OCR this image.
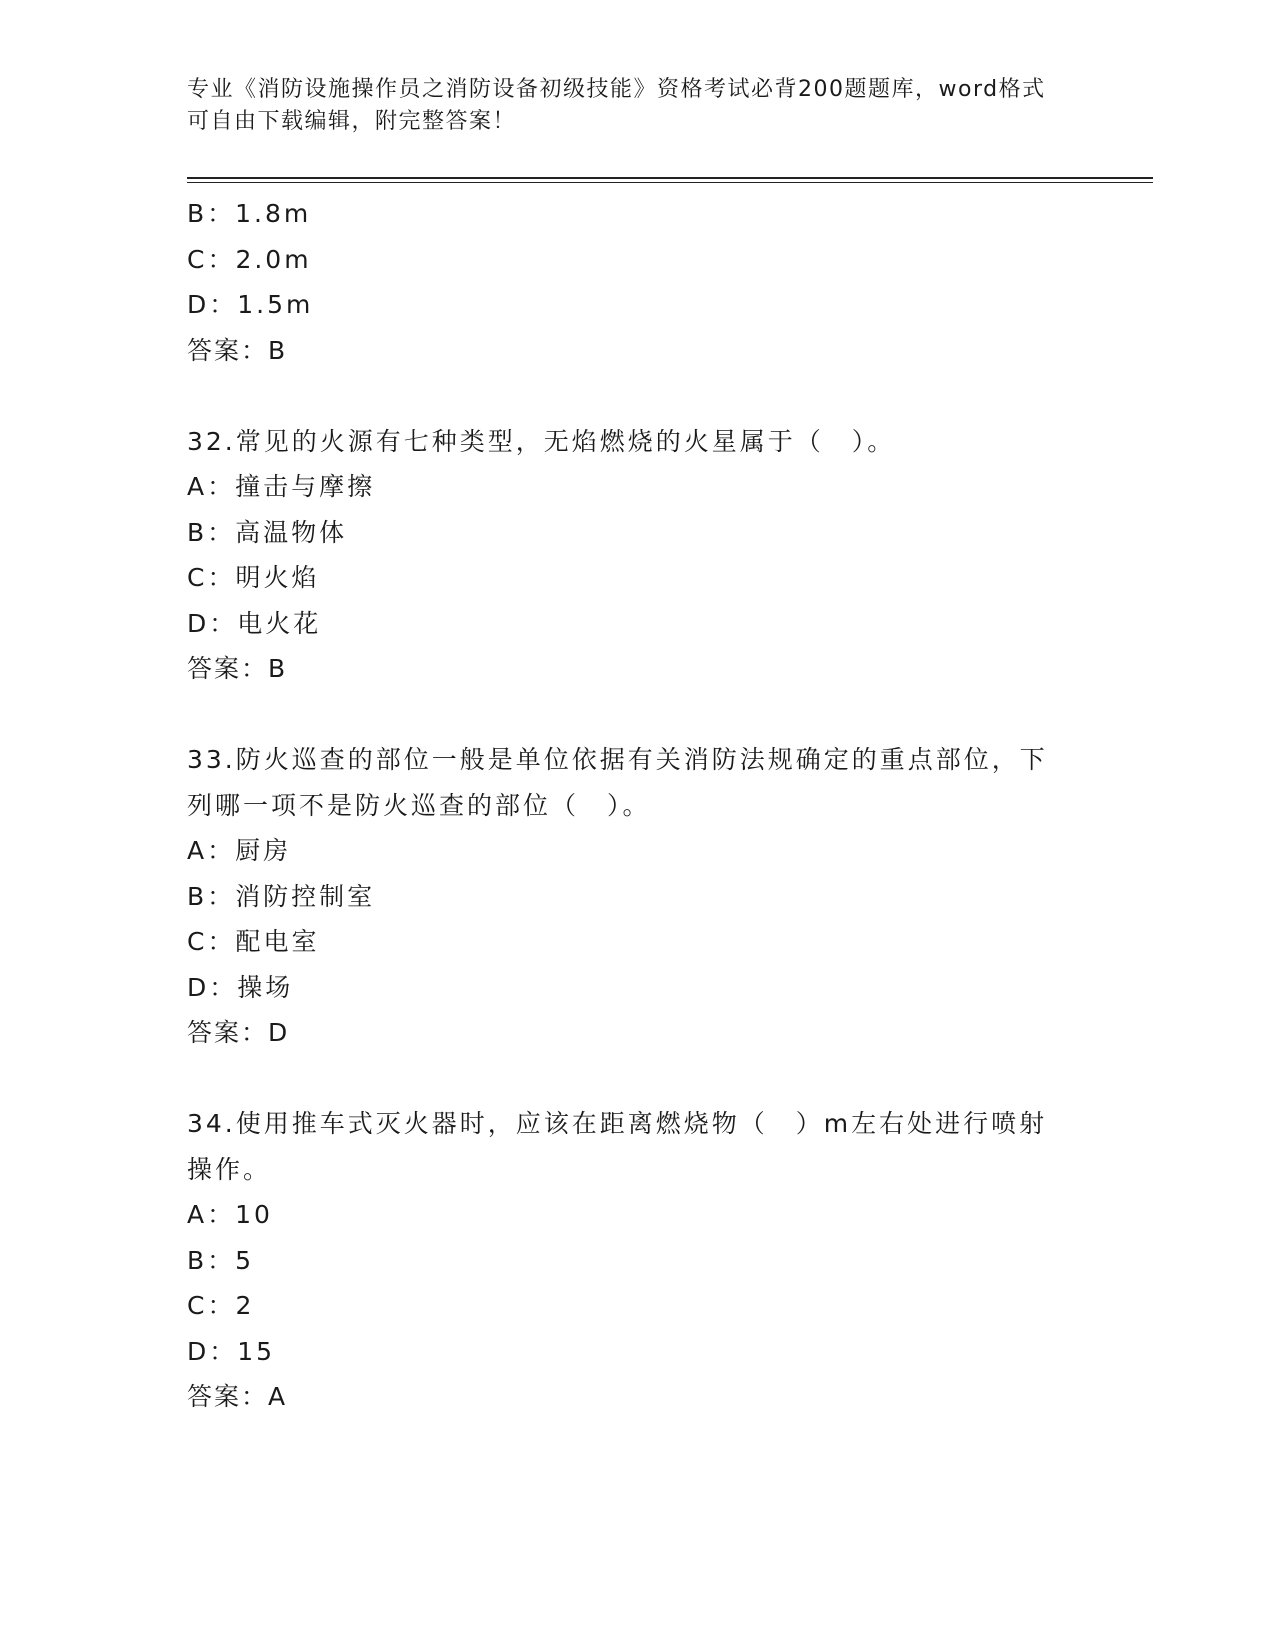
专业《消防设施操作员之消防设备初级技能》资格考试必背200题题库，word格式可自由下载编辑，附完整答案！
B：1.8m
C：2.0m
D：1.5m
答案：B
32.常见的火源有七种类型，无焰燃烧的火星属于（　）。
A：撞击与摩擦
B：高温物体
C：明火焰
D：电火花
答案：B
33.防火巡查的部位一般是单位依据有关消防法规确定的重点部位，下列哪一项不是防火巡查的部位（　）。
A：厨房
B：消防控制室
C：配电室
D：操场
答案：D
34.使用推车式灭火器时，应该在距离燃烧物（　）m左右处进行喷射操作。
A：10
B：5
C：2
D：15
答案：A
